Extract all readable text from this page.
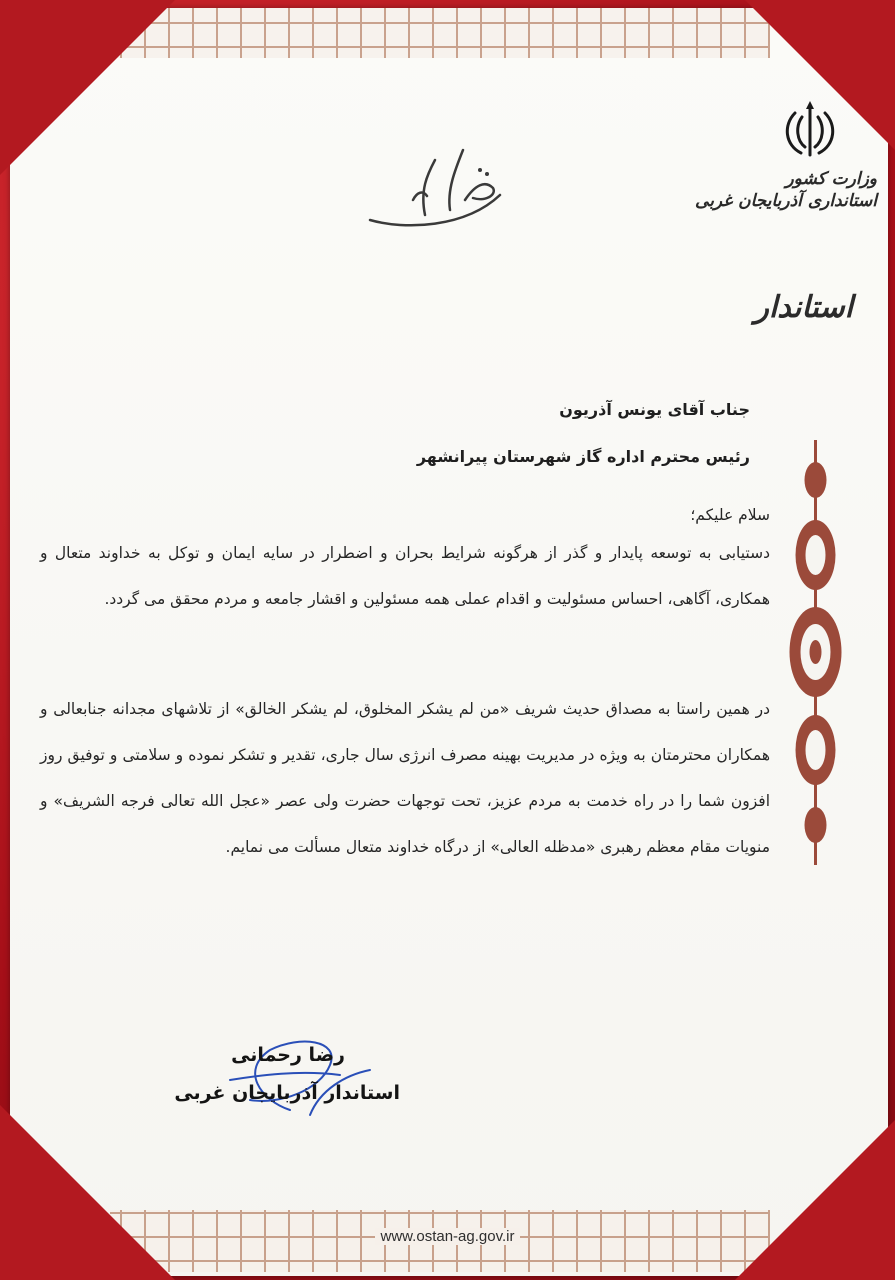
وزارت کشور
استانداری آذربایجان غربی
استاندار
جناب آقای یونس آذریون
رئیس محترم اداره گاز شهرستان پیرانشهر
سلام علیکم؛
دستیابی به توسعه پایدار و گذر از هرگونه شرایط بحران و اضطرار در سایه ایمان و توکل به خداوند متعال و همکاری، آگاهی، احساس مسئولیت و اقدام عملی همه مسئولین و اقشار جامعه و مردم محقق می گردد.
در همین راستا به مصداق حدیث شریف «من لم یشکر المخلوق، لم یشکر الخالق» از تلاشهای مجدانه جنابعالی و همکاران محترمتان به ویژه در مدیریت بهینه مصرف انرژی سال جاری، تقدیر و تشکر نموده و سلامتی و توفیق روز افزون شما را در راه خدمت به مردم عزیز، تحت توجهات حضرت ولی عصر «عجل الله تعالی فرجه الشریف» و منویات مقام معظم رهبری «مدظله العالی» از درگاه خداوند متعال مسألت می نمایم.
رضا رحمانی
استاندار آذربایجان غربی
www.ostan-ag.gov.ir
